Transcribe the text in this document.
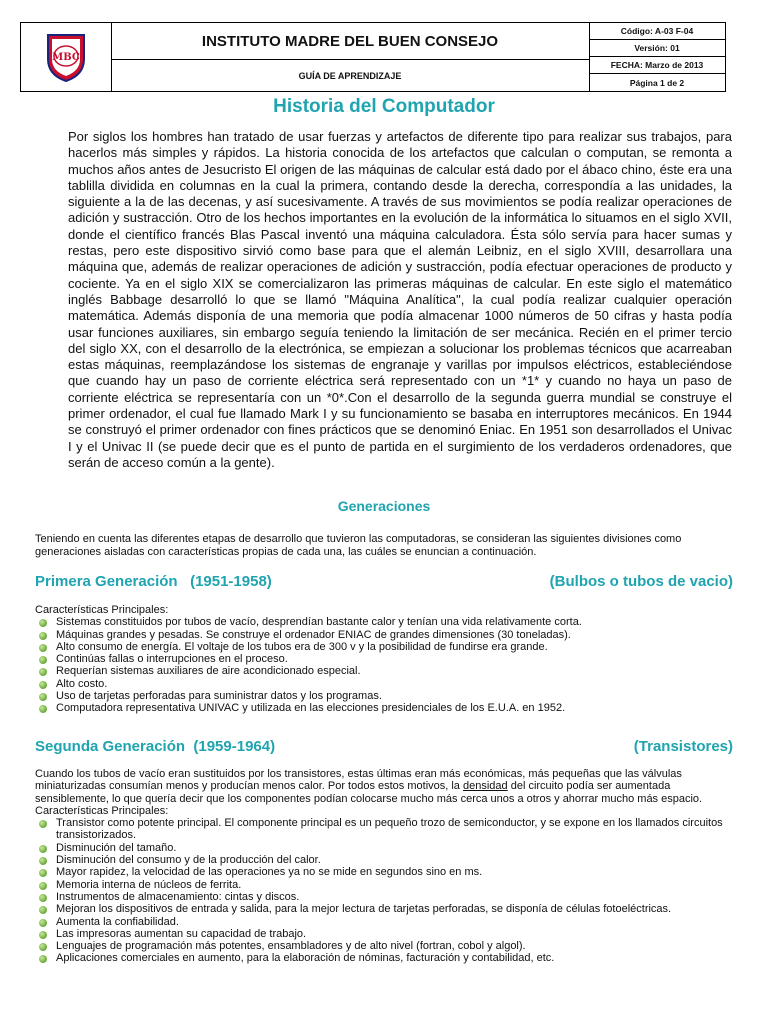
MBC
INSTITUTO MADRE DEL BUEN CONSEJO
GUÍA DE APRENDIZAJE
Código: A-03 F-04
Versión: 01
FECHA: Marzo de 2013
Página 1 de 2
Historia del Computador

Por siglos los hombres han tratado de usar fuerzas y artefactos de diferente tipo para realizar sus trabajos, para hacerlos más simples y rápidos. La historia conocida de los artefactos que calculan o computan, se remonta a muchos años antes de Jesucristo El origen de las máquinas de calcular está dado por el ábaco chino, éste era una tablilla dividida en columnas en la cual la primera, contando desde la derecha, correspondía a las unidades, la siguiente a la de las decenas, y así sucesivamente. A través de sus movimientos se podía realizar operaciones de adición y sustracción. Otro de los hechos importantes en la evolución de la informática lo situamos en el siglo XVII, donde el científico francés Blas Pascal inventó una máquina calculadora. Ésta sólo servía para hacer sumas y restas, pero este dispositivo sirvió como base para que el alemán Leibniz, en el siglo XVIII, desarrollara una máquina que, además de realizar operaciones de adición y sustracción, podía efectuar operaciones de producto y cociente. Ya en el siglo XIX se comercializaron las primeras máquinas de calcular. En este siglo el matemático inglés Babbage desarrolló lo que se llamó "Máquina Analítica", la cual podía realizar cualquier operación matemática. Además disponía de una memoria que podía almacenar 1000 números de 50 cifras y hasta podía usar funciones auxiliares, sin embargo seguía teniendo la limitación de ser mecánica. Recién en el primer tercio del siglo XX, con el desarrollo de la electrónica, se empiezan a solucionar los problemas técnicos que acarreaban estas máquinas, reemplazándose los sistemas de engranaje y varillas por impulsos eléctricos, estableciéndose que cuando hay un paso de corriente eléctrica será representado con un *1* y cuando no haya un paso de corriente eléctrica se representaría con un *0*.Con el desarrollo de la segunda guerra mundial se construye el primer ordenador, el cual fue llamado Mark I y su funcionamiento se basaba en interruptores mecánicos. En 1944 se construyó el primer ordenador con fines prácticos que se denominó Eniac. En 1951 son desarrollados el Univac I y el Univac II (se puede decir que es el punto de partida en el surgimiento de los verdaderos ordenadores, que serán de acceso común a la gente).

Generaciones

Teniendo en cuenta las diferentes etapas de desarrollo que tuvieron las computadoras, se consideran las siguientes divisiones como generaciones aisladas con características propias de cada una, las cuáles se enuncian a continuación.

Primera Generación   (1951-1958)	(Bulbos o tubos de vacio)

Características Principales:

Sistemas constituidos por tubos de vacío, desprendían bastante calor y tenían una vida relativamente corta.
Máquinas grandes y pesadas. Se construye el ordenador ENIAC de grandes dimensiones (30 toneladas).
Alto consumo de energía. El voltaje de los tubos era de 300 v y la posibilidad de fundirse era grande.
Continúas fallas o interrupciones en el proceso.
Requerían sistemas auxiliares de aire acondicionado especial.
Alto costo.
Uso de tarjetas perforadas para suministrar datos y los programas.
Computadora representativa UNIVAC y utilizada en las elecciones presidenciales de los E.U.A. en 1952.
Segunda Generación  (1959-1964)	(Transistores)

Cuando los tubos de vacío eran sustituidos por los transistores, estas últimas eran más económicas, más pequeñas que las válvulas miniaturizadas consumían menos y producían menos calor. Por todos estos motivos, la densidad del circuito podía ser aumentada sensiblemente, lo que quería decir que los componentes podían colocarse mucho más cerca unos a otros y ahorrar mucho más espacio. Características Principales:

Transistor como potente principal. El componente principal es un pequeño trozo de semiconductor, y se expone en los llamados circuitos transistorizados.
Disminución del tamaño.
Disminución del consumo y de la producción del calor.
Mayor rapidez, la velocidad de las operaciones ya no se mide en segundos sino en ms.
Memoria interna de núcleos de ferrita.
Instrumentos de almacenamiento: cintas y discos.
Mejoran los dispositivos de entrada y salida, para la mejor lectura de tarjetas perforadas, se disponía de células fotoeléctricas.
Aumenta la confiabilidad.
Las impresoras aumentan su capacidad de trabajo.
Lenguajes de programación más potentes, ensambladores y de alto nivel (fortran, cobol y algol).
Aplicaciones comerciales en aumento, para la elaboración de nóminas, facturación y contabilidad, etc.
